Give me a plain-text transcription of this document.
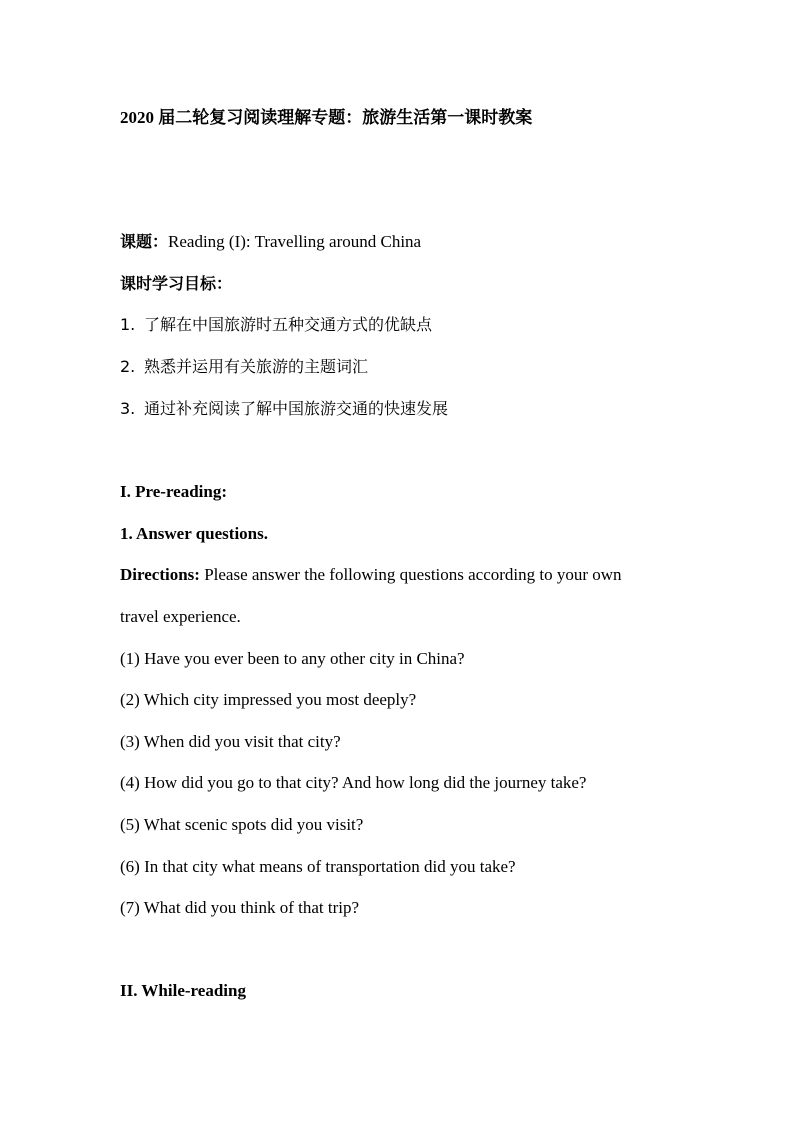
2020 届二轮复习阅读理解专题：旅游生活第一课时教案
课题：Reading (I): Travelling around China
课时学习目标：
1. 了解在中国旅游时五种交通方式的优缺点
2. 熟悉并运用有关旅游的主题词汇
3. 通过补充阅读了解中国旅游交通的快速发展
I. Pre-reading:
1. Answer questions.
Directions: Please answer the following questions according to your own
travel experience.
(1) Have you ever been to any other city in China?
(2) Which city impressed you most deeply?
(3) When did you visit that city?
(4) How did you go to that city? And how long did the journey take?
(5) What scenic spots did you visit?
(6) In that city what means of transportation did you take?
(7) What did you think of that trip?
II. While-reading
